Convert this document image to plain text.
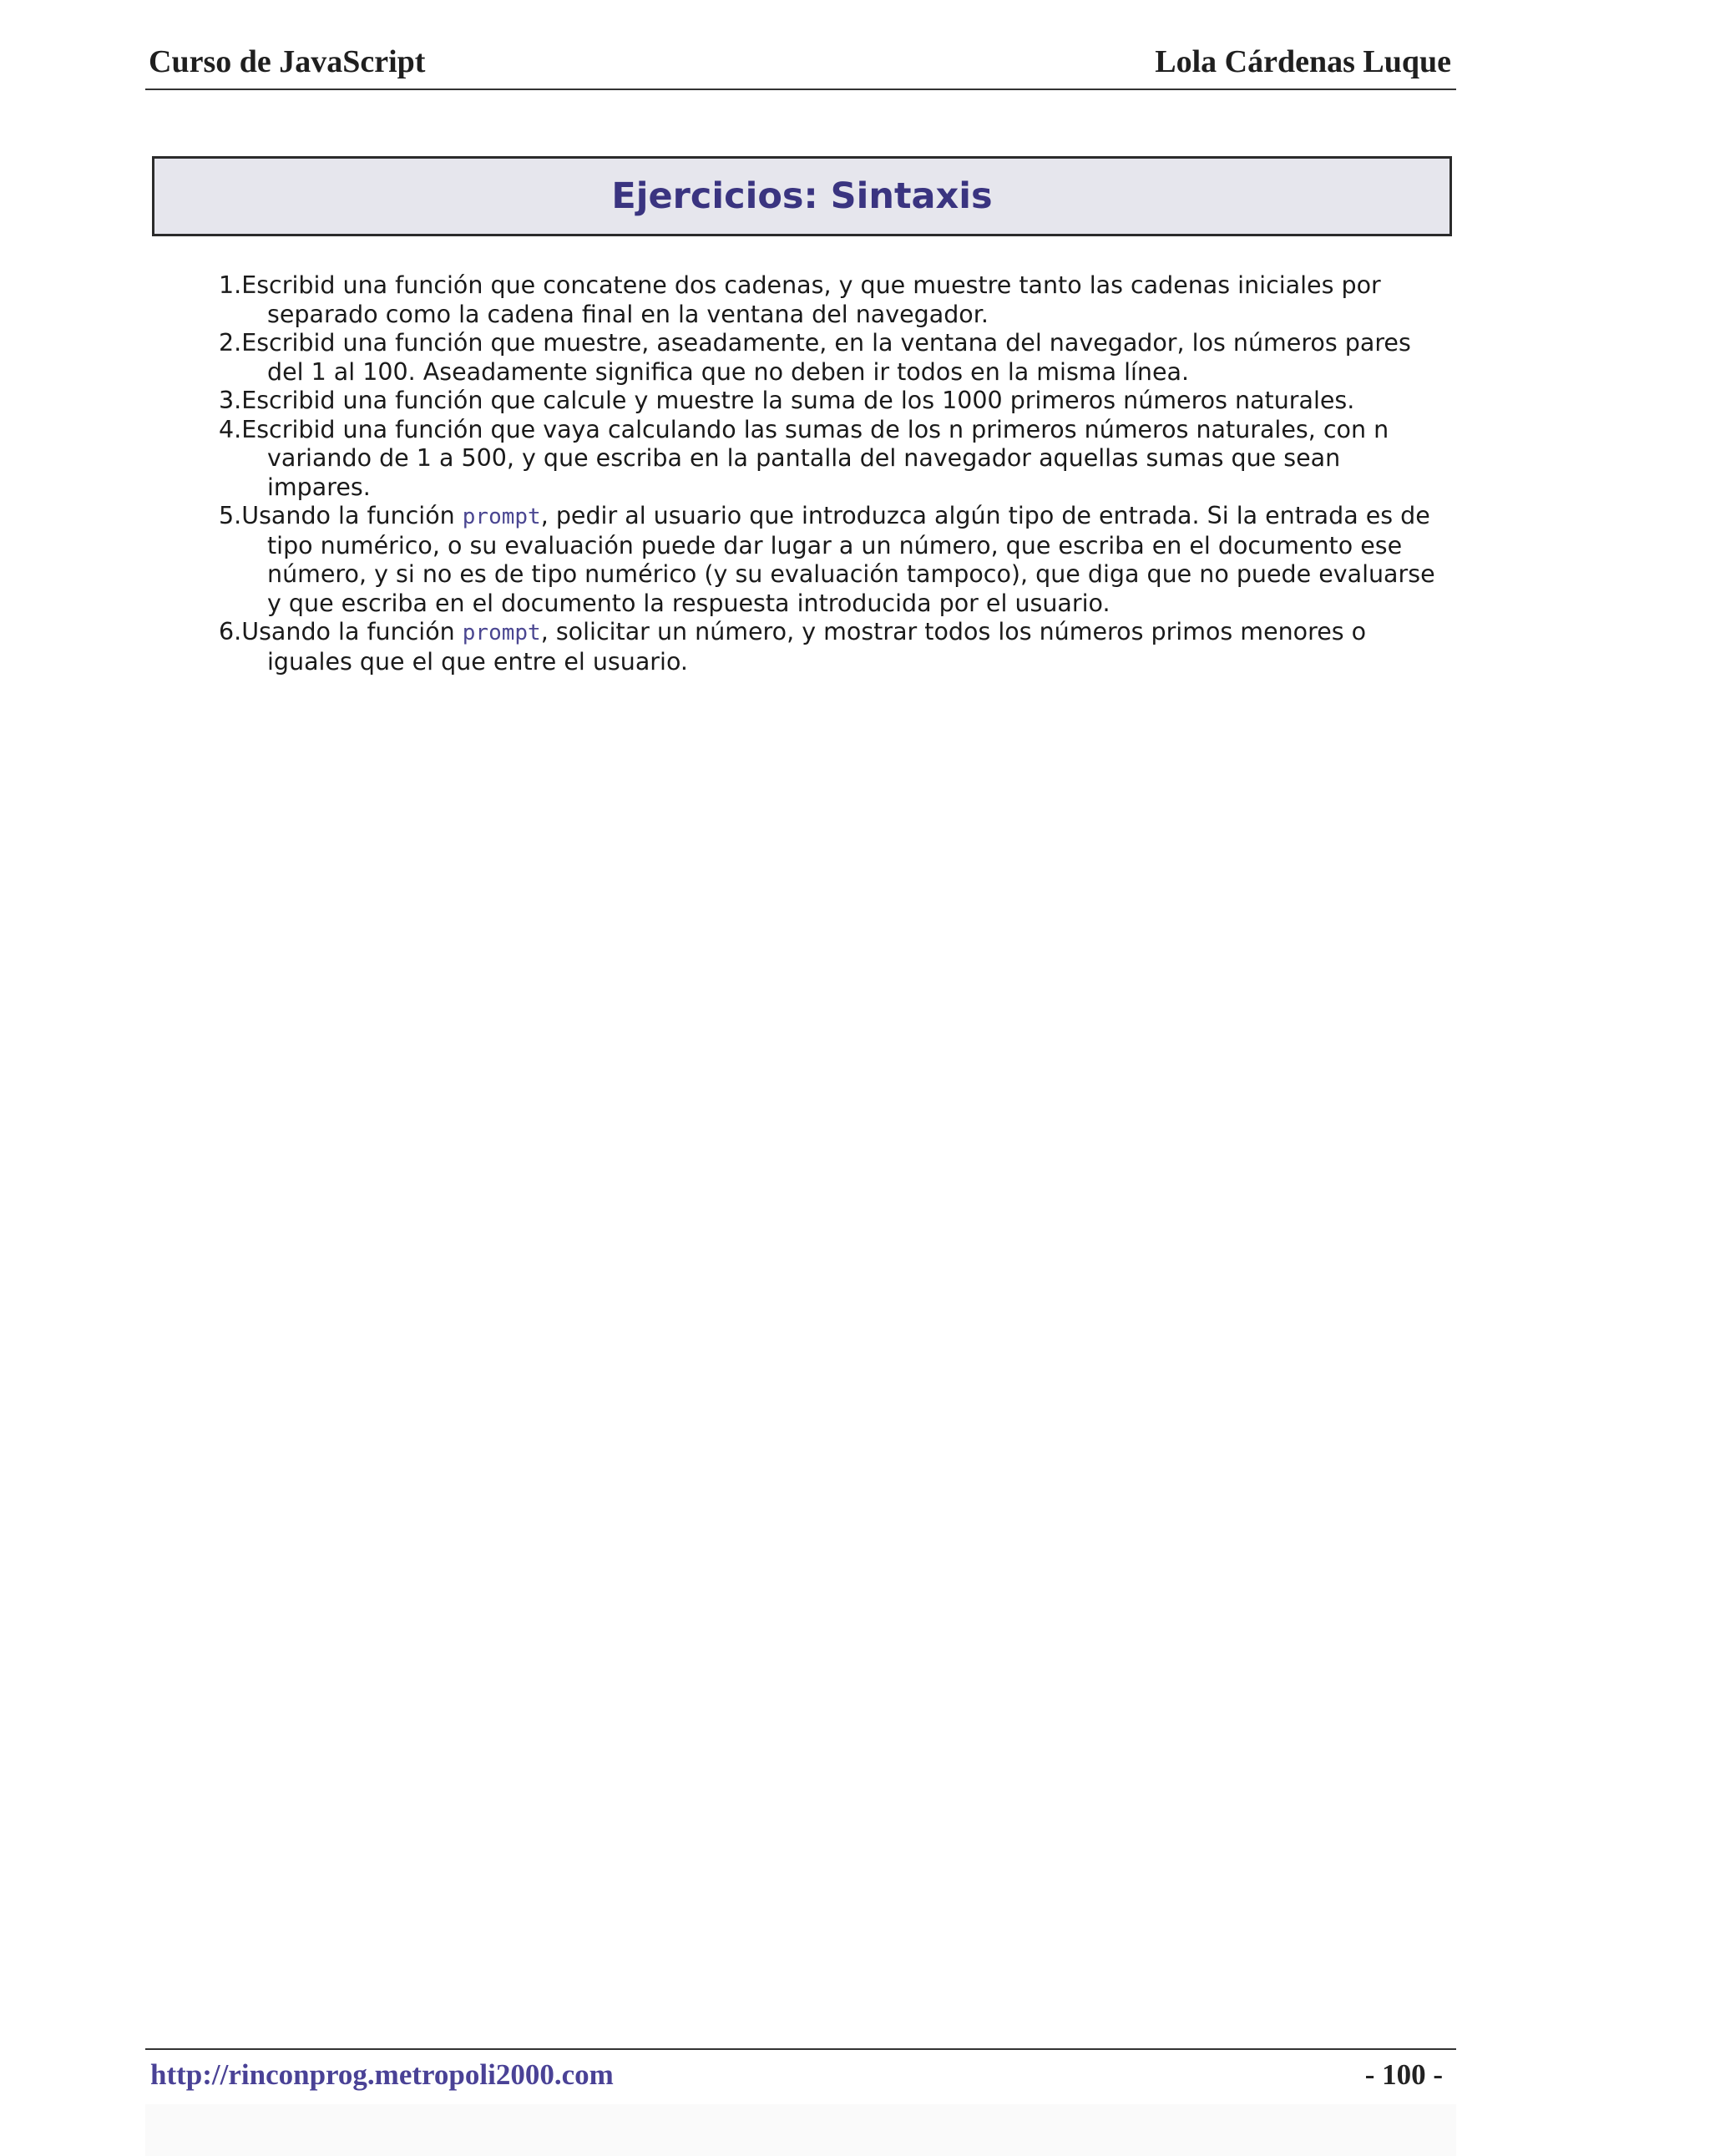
Curso de JavaScript	Lola Cárdenas Luque
Ejercicios: Sintaxis
1.Escribid una función que concatene dos cadenas, y que muestre tanto las cadenas iniciales por separado como la cadena final en la ventana del navegador.
2.Escribid una función que muestre, aseadamente, en la ventana del navegador, los números pares del 1 al 100. Aseadamente significa que no deben ir todos en la misma línea.
3.Escribid una función que calcule y muestre la suma de los 1000 primeros números naturales.
4.Escribid una función que vaya calculando las sumas de los n primeros números naturales, con n variando de 1 a 500, y que escriba en la pantalla del navegador aquellas sumas que sean impares.
5.Usando la función prompt, pedir al usuario que introduzca algún tipo de entrada. Si la entrada es de tipo numérico, o su evaluación puede dar lugar a un número, que escriba en el documento ese número, y si no es de tipo numérico (y su evaluación tampoco), que diga que no puede evaluarse y que escriba en el documento la respuesta introducida por el usuario.
6.Usando la función prompt, solicitar un número, y mostrar todos los números primos menores o iguales que el que entre el usuario.
http://rinconprog.metropoli2000.com	- 100 -
